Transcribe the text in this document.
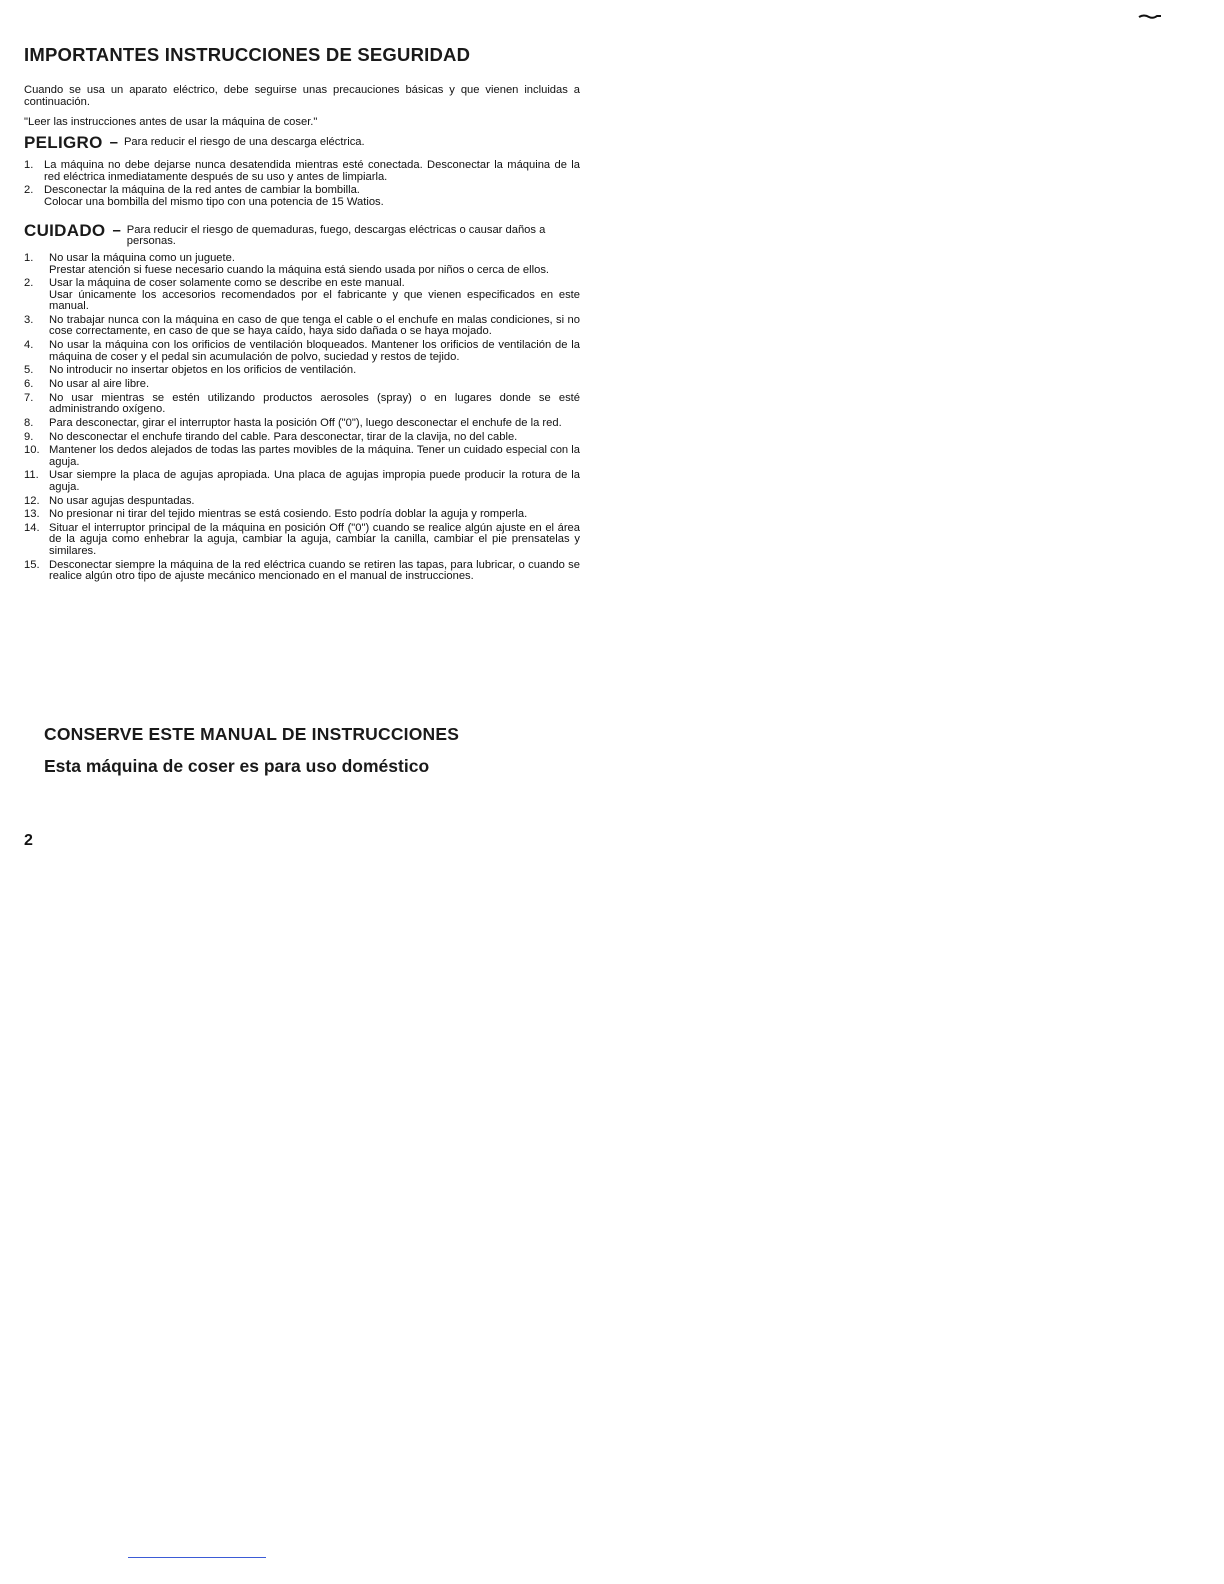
IMPORTANTES INSTRUCCIONES DE SEGURIDAD
Cuando se usa un aparato eléctrico, debe seguirse unas precauciones básicas y que vienen incluidas a continuación.
"Leer las instrucciones antes de usar la máquina de coser."
PELIGRO – Para reducir el riesgo de una descarga eléctrica.
1. La máquina no debe dejarse nunca desatendida mientras esté conectada. Desconectar la máquina de la red eléctrica inmediatamente después de su uso y antes de limpiarla.
2. Desconectar la máquina de la red antes de cambiar la bombilla.
Colocar una bombilla del mismo tipo con una potencia de 15 Watios.
CUIDADO – Para reducir el riesgo de quemaduras, fuego, descargas eléctricas o causar daños a personas.
1. No usar la máquina como un juguete.
Prestar atención si fuese necesario cuando la máquina está siendo usada por niños o cerca de ellos.
2. Usar la máquina de coser solamente como se describe en este manual.
Usar únicamente los accesorios recomendados por el fabricante y que vienen especificados en este manual.
3. No trabajar nunca con la máquina en caso de que tenga el cable o el enchufe en malas condiciones, si no cose correctamente, en caso de que se haya caído, haya sido dañada o se haya mojado.
4. No usar la máquina con los orificios de ventilación bloqueados. Mantener los orificios de ventilación de la máquina de coser y el pedal sin acumulación de polvo, suciedad y restos de tejido.
5. No introducir no insertar objetos en los orificios de ventilación.
6. No usar al aire libre.
7. No usar mientras se estén utilizando productos aerosoles (spray) o en lugares donde se esté administrando oxígeno.
8. Para desconectar, girar el interruptor hasta la posición Off ("0"), luego desconectar el enchufe de la red.
9. No desconectar el enchufe tirando del cable. Para desconectar, tirar de la clavija, no del cable.
10. Mantener los dedos alejados de todas las partes movibles de la máquina. Tener un cuidado especial con la aguja.
11. Usar siempre la placa de agujas apropiada. Una placa de agujas impropia puede producir la rotura de la aguja.
12. No usar agujas despuntadas.
13. No presionar ni tirar del tejido mientras se está cosiendo. Esto podría doblar la aguja y romperla.
14. Situar el interruptor principal de la máquina en posición Off ("0") cuando se realice algún ajuste en el área de la aguja como enhebrar la aguja, cambiar la aguja, cambiar la canilla, cambiar el pie prensatelas y similares.
15. Desconectar siempre la máquina de la red eléctrica cuando se retiren las tapas, para lubricar, o cuando se realice algún otro tipo de ajuste mecánico mencionado en el manual de instrucciones.
CONSERVE ESTE MANUAL DE INSTRUCCIONES
Esta máquina de coser es para uso doméstico
2
